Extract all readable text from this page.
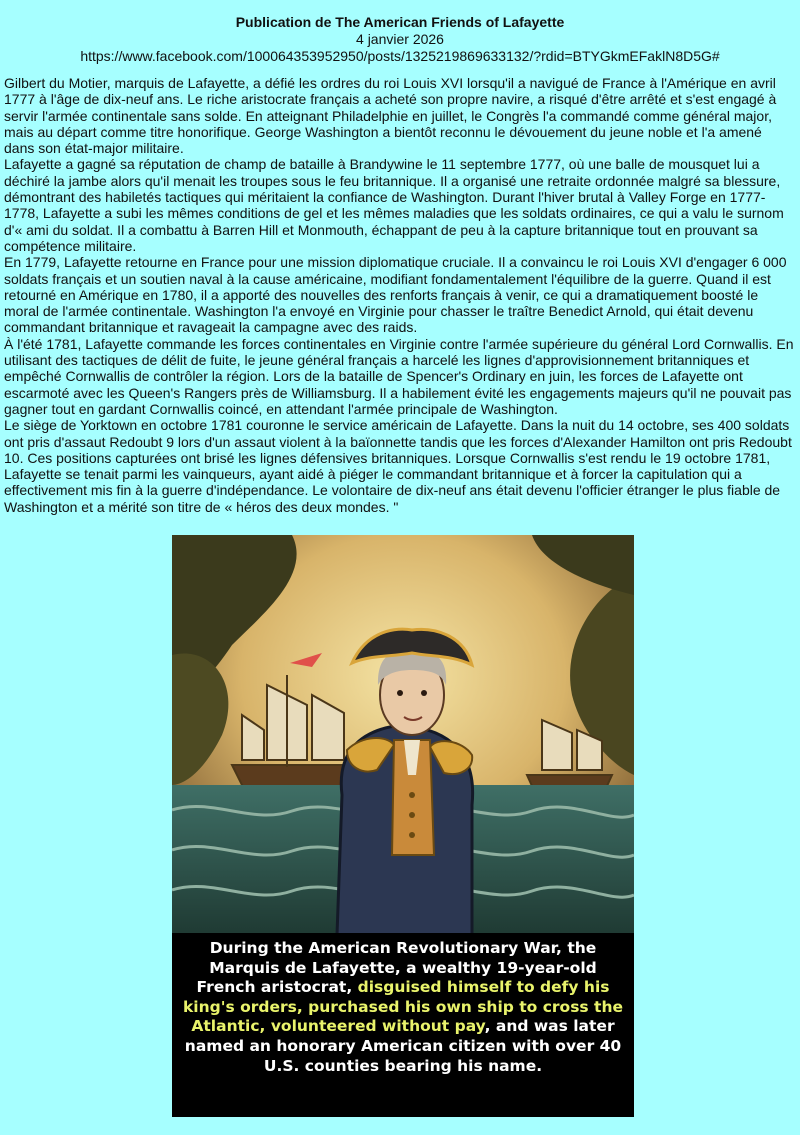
Publication de The American Friends of Lafayette
4 janvier 2026
https://www.facebook.com/100064353952950/posts/1325219869633132/?rdid=BTYGkmEFaklN8D5G#

Gilbert du Motier, marquis de Lafayette, a défié les ordres du roi Louis XVI lorsqu'il a navigué de France à l'Amérique en avril 1777 à l'âge de dix-neuf ans. Le riche aristocrate français a acheté son propre navire, a risqué d'être arrêté et s'est engagé à servir l'armée continentale sans solde. En atteignant Philadelphie en juillet, le Congrès l'a commandé comme général major, mais au départ comme titre honorifique. George Washington a bientôt reconnu le dévouement du jeune noble et l'a amené dans son état-major militaire.

Lafayette a gagné sa réputation de champ de bataille à Brandywine le 11 septembre 1777, où une balle de mousquet lui a déchiré la jambe alors qu'il menait les troupes sous le feu britannique. Il a organisé une retraite ordonnée malgré sa blessure, démontrant des habiletés tactiques qui méritaient la confiance de Washington. Durant l'hiver brutal à Valley Forge en 1777-1778, Lafayette a subi les mêmes conditions de gel et les mêmes maladies que les soldats ordinaires, ce qui a valu le surnom d'« ami du soldat. Il a combattu à Barren Hill et Monmouth, échappant de peu à la capture britannique tout en prouvant sa compétence militaire.

En 1779, Lafayette retourne en France pour une mission diplomatique cruciale. Il a convaincu le roi Louis XVI d'engager 6 000 soldats français et un soutien naval à la cause américaine, modifiant fondamentalement l'équilibre de la guerre. Quand il est retourné en Amérique en 1780, il a apporté des nouvelles des renforts français à venir, ce qui a dramatiquement boosté le moral de l'armée continentale. Washington l'a envoyé en Virginie pour chasser le traître Benedict Arnold, qui était devenu commandant britannique et ravageait la campagne avec des raids.

À l'été 1781, Lafayette commande les forces continentales en Virginie contre l'armée supérieure du général Lord Cornwallis. En utilisant des tactiques de délit de fuite, le jeune général français a harcelé les lignes d'approvisionnement britanniques et empêché Cornwallis de contrôler la région. Lors de la bataille de Spencer's Ordinary en juin, les forces de Lafayette ont escarmoté avec les Queen's Rangers près de Williamsburg. Il a habilement évité les engagements majeurs qu'il ne pouvait pas gagner tout en gardant Cornwallis coincé, en attendant l'armée principale de Washington.

Le siège de Yorktown en octobre 1781 couronne le service américain de Lafayette. Dans la nuit du 14 octobre, ses 400 soldats ont pris d'assaut Redoubt 9 lors d'un assaut violent à la baïonnette tandis que les forces d'Alexander Hamilton ont pris Redoubt 10. Ces positions capturées ont brisé les lignes défensives britanniques. Lorsque Cornwallis s'est rendu le 19 octobre 1781, Lafayette se tenait parmi les vainqueurs, ayant aidé à piéger le commandant britannique et à forcer la capitulation qui a effectivement mis fin à la guerre d'indépendance. Le volontaire de dix-neuf ans était devenu l'officier étranger le plus fiable de Washington et a mérité son titre de « héros des deux mondes. "

During the American Revolutionary War, the Marquis de Lafayette, a wealthy 19-year-old French aristocrat, disguised himself to defy his king's orders, purchased his own ship to cross the Atlantic, volunteered without pay, and was later named an honorary American citizen with over 40 U.S. counties bearing his name.
